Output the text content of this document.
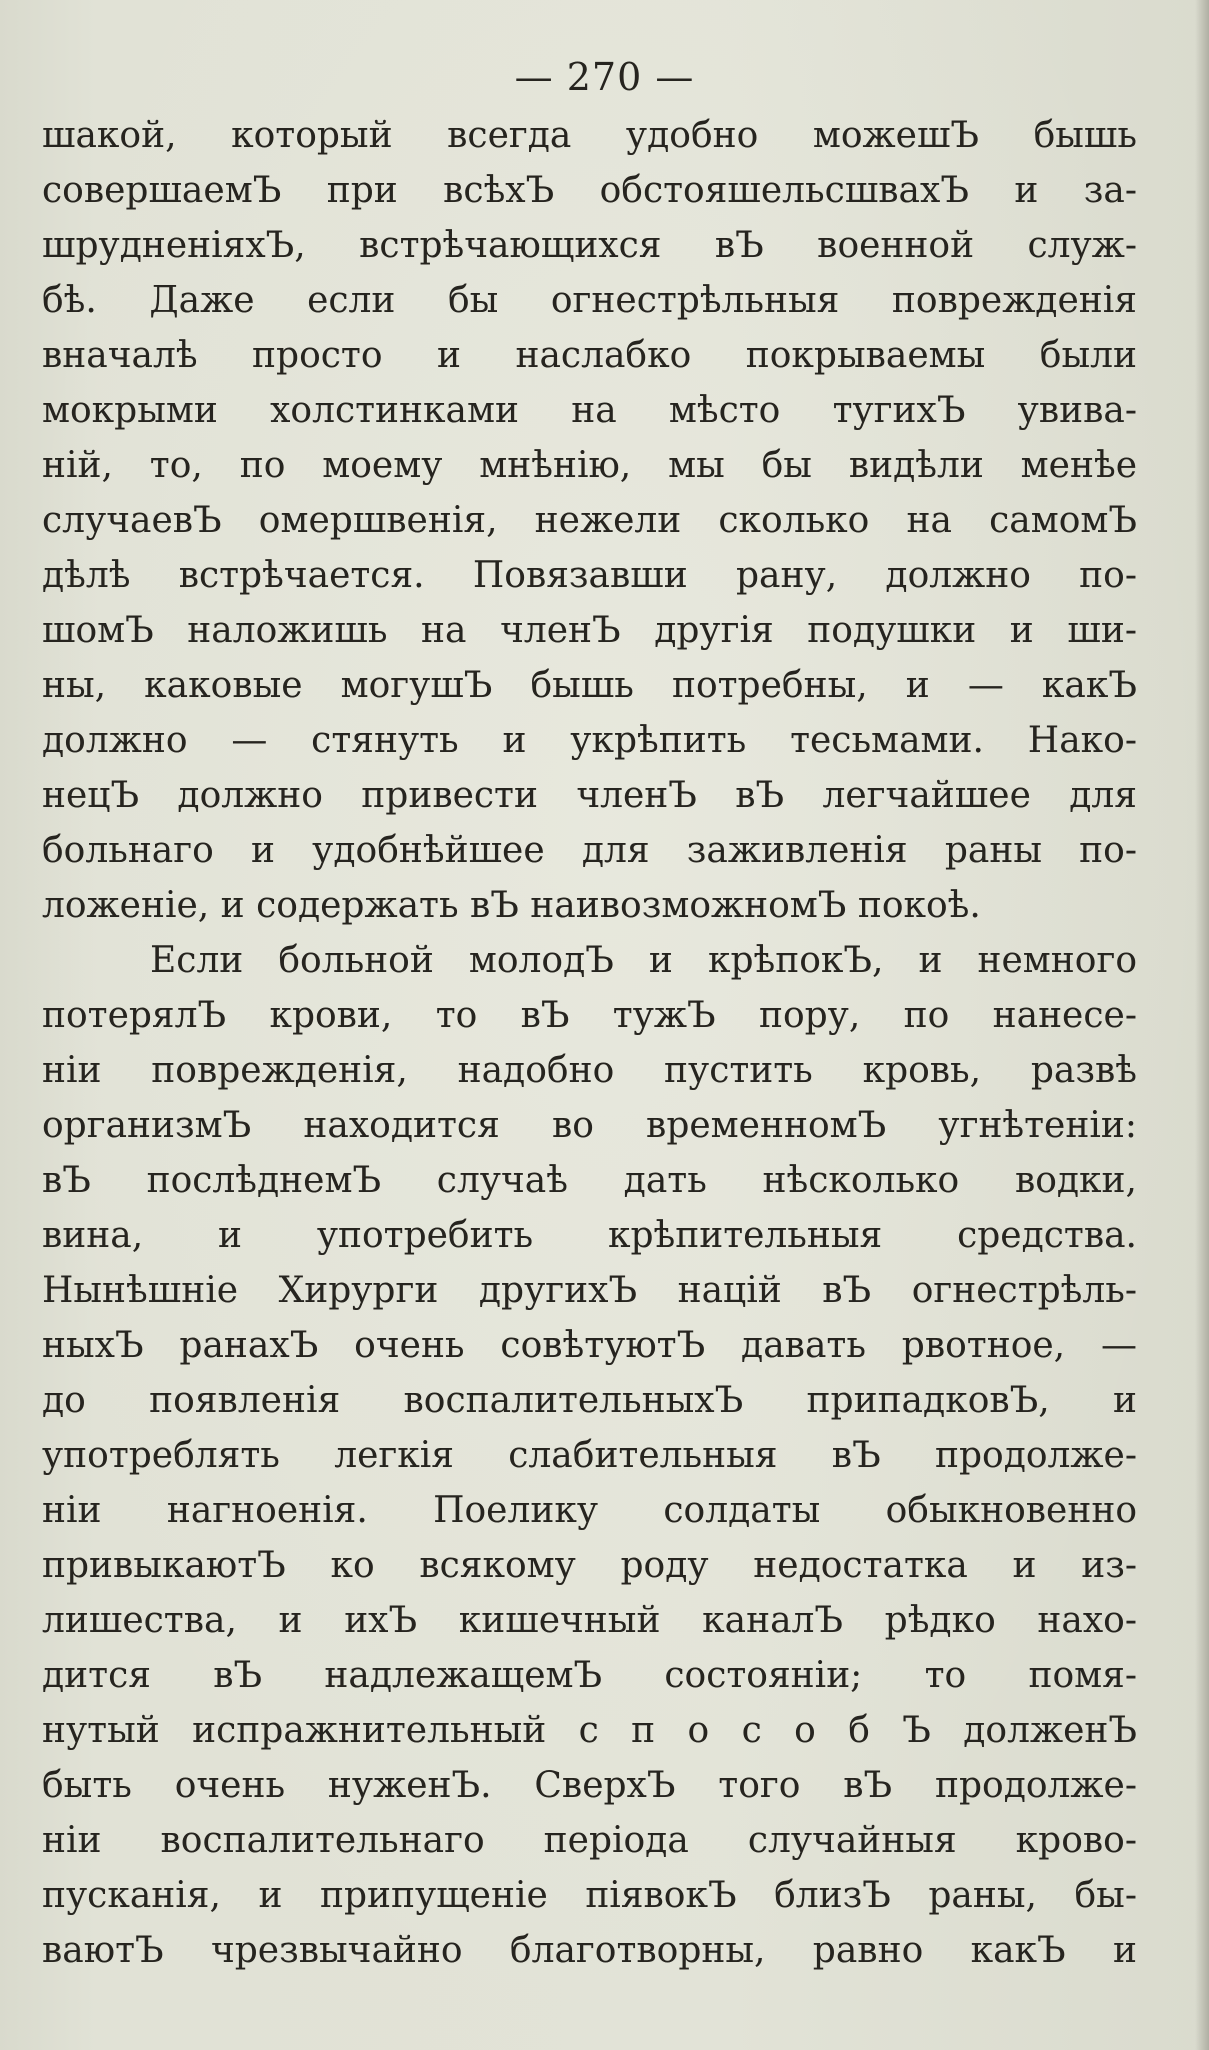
— 270 —
шакой, который всегда удобно можешЪ бышь
совершаемЪ при всѣхЪ обстояшельсшвахЪ и за-
шрудненіяхЪ, встрѣчающихся вЪ военной служ-
бѣ. Даже если бы огнестрѣльныя поврежденія
вначалѣ просто и наслабко покрываемы были
мокрыми холстинками на мѣсто тугихЪ увива-
ній, то, по моему мнѣнію, мы бы видѣли менѣе
случаевЪ омершвенія, нежели сколько на самомЪ
дѣлѣ встрѣчается. Повязавши рану, должно по-
шомЪ наложишь на членЪ другія подушки и ши-
ны, каковые могушЪ бышь потребны, и — какЪ
должно — стянуть и укрѣпить тесьмами. Нако-
нецЪ должно привести членЪ вЪ легчайшее для
больнаго и удобнѣйшее для заживленія раны по-
ложеніе, и содержать вЪ наивозможномЪ покоѣ.
Если больной молодЪ и крѣпокЪ, и немного
потерялЪ крови, то вЪ тужЪ пору, по нанесе-
ніи поврежденія, надобно пустить кровь, развѣ
организмЪ находится во временномЪ угнѣтеніи:
вЪ послѣднемЪ случаѣ дать нѣсколько водки,
вина, и употребить крѣпительныя средства.
Нынѣшніе Хирурги другихЪ націй вЪ огнестрѣль-
ныхЪ ранахЪ очень совѣтуютЪ давать рвотное, —
до появленія воспалительныхЪ припадковЪ, и
употреблять легкія слабительныя вЪ продолже-
ніи нагноенія. Поелику солдаты обыкновенно
привыкаютЪ ко всякому роду недостатка и из-
лишества, и ихЪ кишечный каналЪ рѣдко нахо-
дится вЪ надлежащемЪ состояніи; то помя-
нутый испражнительный с п о с о б Ъ долженЪ
быть очень нуженЪ. СверхЪ того вЪ продолже-
ніи воспалительнаго періода случайныя крово-
пусканія, и припущеніе піявокЪ близЪ раны, бы-
ваютЪ чрезвычайно благотворны, равно какЪ и
